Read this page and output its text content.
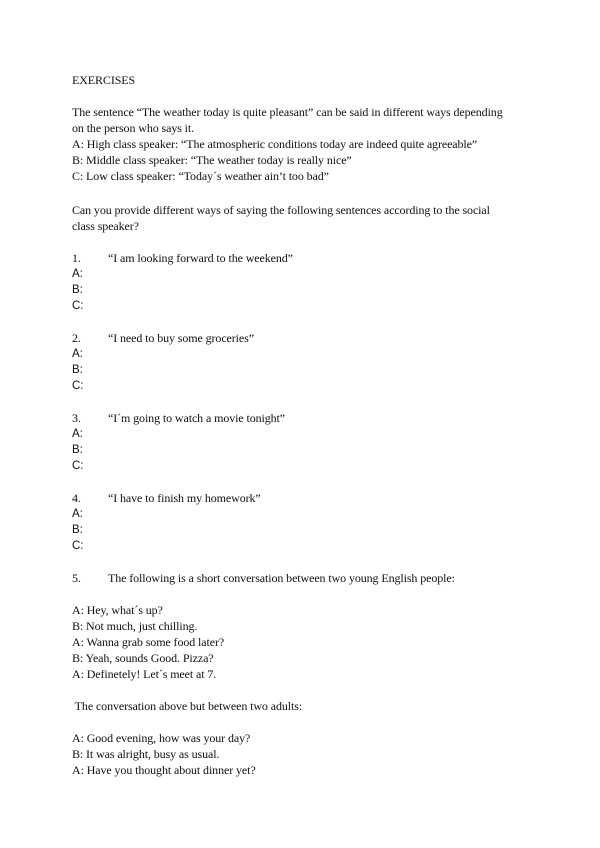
EXERCISES
The sentence “The weather today is quite pleasant” can be said in different ways depending
on the person who says it.
A: High class speaker: “The atmospheric conditions today are indeed quite agreeable”
B: Middle class speaker: “The weather today is really nice”
C: Low class speaker: “Today´s weather ain’t too bad”
Can you provide different ways of saying the following sentences according to the social
class speaker?
1.	“I am looking forward to the weekend”
A:
B:
C:
2.	“I need to buy some groceries”
A:
B:
C:
3.	“I´m going to watch a movie tonight”
A:
B:
C:
4.	“I have to finish my homework”
A:
B:
C:
5.	The following is a short conversation between two young English people:
A: Hey, what´s up?
B: Not much, just chilling.
A: Wanna grab some food later?
B: Yeah, sounds Good. Pizza?
A: Definetely! Let´s meet at 7.
The conversation above but between two adults:
A: Good evening, how was your day?
B: It was alright, busy as usual.
A: Have you thought about dinner yet?
